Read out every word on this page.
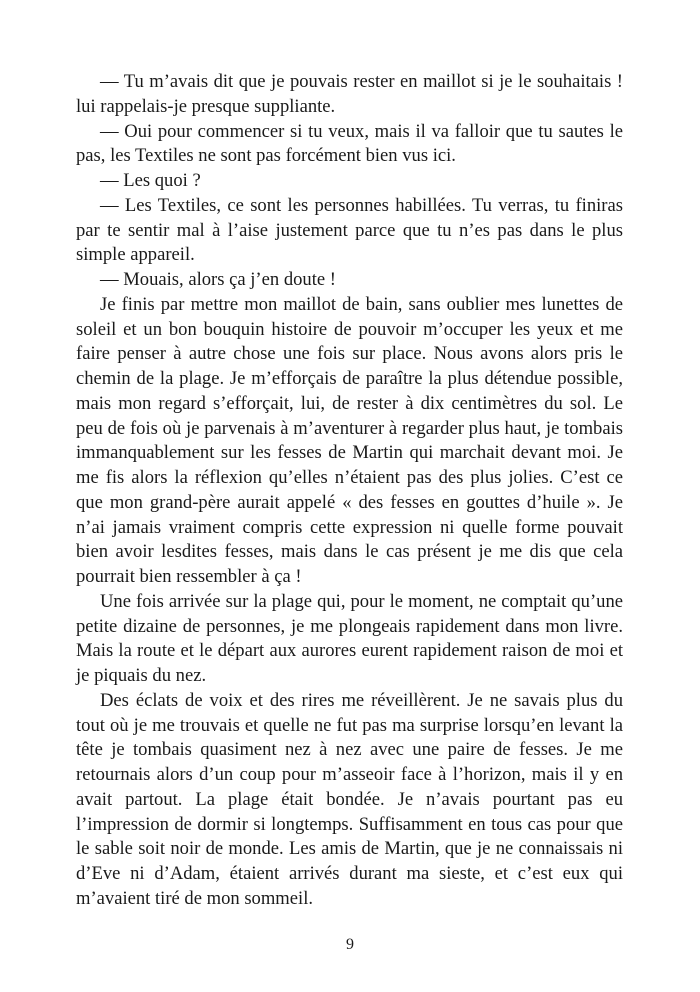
— Tu m’avais dit que je pouvais rester en maillot si je le souhaitais ! lui rappelais-je presque suppliante.

— Oui pour commencer si tu veux, mais il va falloir que tu sautes le pas, les Textiles ne sont pas forcément bien vus ici.

— Les quoi ?

— Les Textiles, ce sont les personnes habillées. Tu verras, tu finiras par te sentir mal à l’aise justement parce que tu n’es pas dans le plus simple appareil.

— Mouais, alors ça j’en doute !

Je finis par mettre mon maillot de bain, sans oublier mes lunettes de soleil et un bon bouquin histoire de pouvoir m’occuper les yeux et me faire penser à autre chose une fois sur place. Nous avons alors pris le chemin de la plage. Je m’efforçais de paraître la plus détendue possible, mais mon regard s’efforçait, lui, de rester à dix centimètres du sol. Le peu de fois où je parvenais à m’aventurer à regarder plus haut, je tombais immanquablement sur les fesses de Martin qui marchait devant moi. Je me fis alors la réflexion qu’elles n’étaient pas des plus jolies. C’est ce que mon grand-père aurait appelé « des fesses en gouttes d’huile ». Je n’ai jamais vraiment compris cette expression ni quelle forme pouvait bien avoir lesdites fesses, mais dans le cas présent je me dis que cela pourrait bien ressembler à ça !

Une fois arrivée sur la plage qui, pour le moment, ne comptait qu’une petite dizaine de personnes, je me plongeais rapidement dans mon livre. Mais la route et le départ aux aurores eurent rapidement raison de moi et je piquais du nez.

Des éclats de voix et des rires me réveillèrent. Je ne savais plus du tout où je me trouvais et quelle ne fut pas ma surprise lorsqu’en levant la tête je tombais quasiment nez à nez avec une paire de fesses. Je me retournais alors d’un coup pour m’asseoir face à l’horizon, mais il y en avait partout. La plage était bondée. Je n’avais pourtant pas eu l’impression de dormir si longtemps. Suffisamment en tous cas pour que le sable soit noir de monde. Les amis de Martin, que je ne connaissais ni d’Eve ni d’Adam, étaient arrivés durant ma sieste, et c’est eux qui m’avaient tiré de mon sommeil.

9
